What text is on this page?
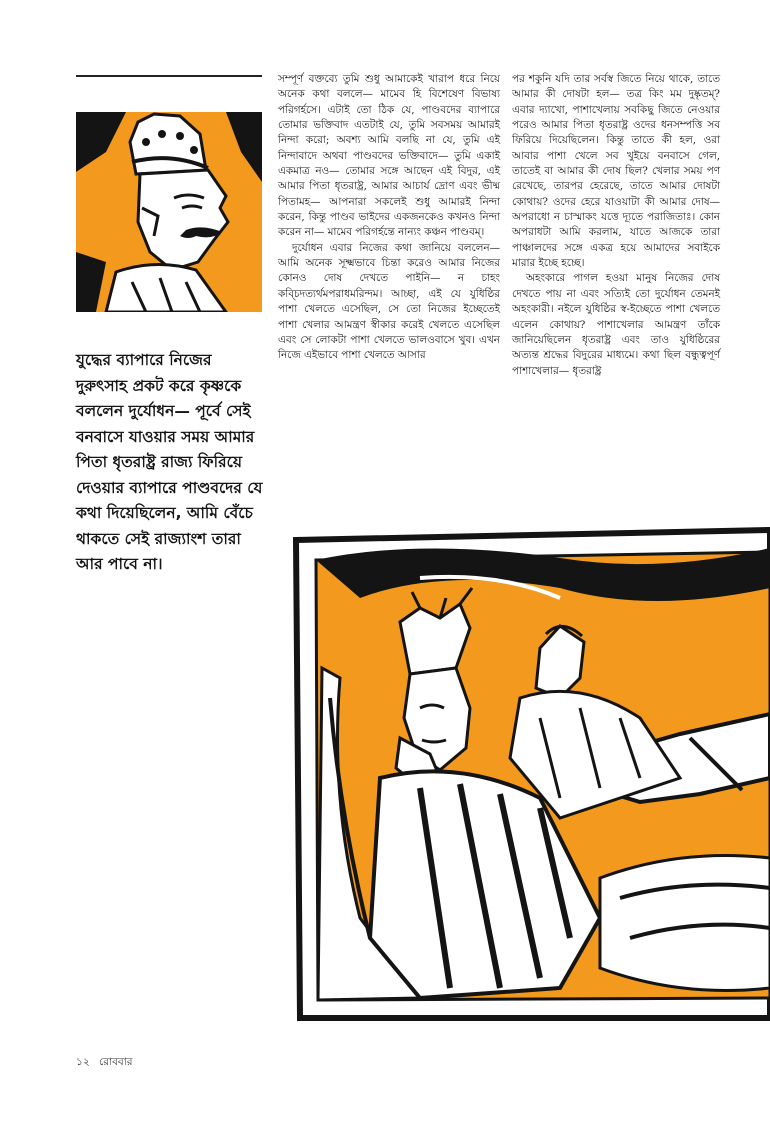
যুদ্ধের ব্যাপারে নিজের দুরুৎসাহ প্রকট করে কৃষ্ণকে বললেন দুর্যোধন— পূর্বে সেই বনবাসে যাওয়ার সময় আমার পিতা ধৃতরাষ্ট্র রাজ্য ফিরিয়ে দেওয়ার ব্যাপারে পাণ্ডবদের যে কথা দিয়েছিলেন, আমি বেঁচে থাকতে সেই রাজ্যাংশ তারা আর পাবে না।

সম্পূর্ণ বক্তব্যে তুমি শুধু আমাকেই খারাপ ধরে নিয়ে অনেক কথা বললে— মামেব হি বিশেষেণ বিভাষ্য পরিগর্হসে। এটাই তো ঠিক যে, পাণ্ডবদের ব্যাপারে তোমার ভক্তিবাদ এতটাই যে, তুমি সবসময় আমারই নিন্দা করো; অবশ্য আমি বলছি না যে, তুমি এই নিন্দাবাদে অথবা পাণ্ডবদের ভক্তিবাদে— তুমি একাই একমাত্র নও— তোমার সঙ্গে আছেন এই বিদুর, এই আমার পিতা ধৃতরাষ্ট্র, আমার আচার্য দ্রোণ এবং ভীষ্ম পিতামহ— আপনারা সকলেই শুধু আমারই নিন্দা করেন, কিন্তু পাণ্ডব ভাইদের একজনকেও কখনও নিন্দা করেন না— মামেব পরিগর্হন্তে নান্যং কঞ্চন পাণ্ডবম্।

দুর্যোধন এবার নিজের কথা জানিয়ে বললেন— আমি অনেক সূক্ষ্মভাবে চিন্তা করেও আমার নিজের কোনও দোষ দেখতে পাইনি— ন চাহং কব্চিদত্যর্থমপরাধমরিন্দম। আচ্ছা, এই যে যুধিষ্ঠির পাশা খেলতে এসেছিল, সে তো নিজের ইচ্ছেতেই পাশা খেলার আমন্ত্রণ স্বীকার করেই খেলতে এসেছিল এবং সে লোকটা পাশা খেলতে ভালওবাসে খুব। এখন নিজে এইভাবে পাশা খেলতে আসার

পর শকুনি যদি তার সর্বস্ব জিতে নিয়ে থাকে, তাতে আমার কী দোষটা হল— তত্র কিং মম দুষ্কৃতম্? এবার দ্যাখো, পাশাখেলায় সবকিছু জিতে নেওয়ার পরেও আমার পিতা ধৃতরাষ্ট্র ওদের ধনসম্পত্তি সব ফিরিয়ে দিয়েছিলেন। কিন্তু তাতে কী হল, ওরা আবার পাশা খেলে সব খুইয়ে বনবাসে গেল, তাতেই বা আমার কী দোষ ছিল? খেলার সময় পণ রেখেছে, তারপর হেরেছে, তাতে আমার দোষটা কোথায়? ওদের হেরে যাওয়াটা কী আমার দোষ— অপরাধো ন চাস্মাকং যত্তে দ্যূতে পরাজিতাঃ। কোন অপরাধটা আমি করলাম, যাতে আজকে তারা পাঞ্চালদের সঙ্গে একত্র হয়ে আমাদের সবাইকে মারার ইচ্ছে হচ্ছে।

অহংকারে পাগল হওয়া মানুষ নিজের দোষ দেখতে পায় না এবং সত্যিই তো দুর্যোধন তেমনই অহংকারী। নইলে যুধিষ্ঠির স্ব-ইচ্ছেতে পাশা খেলতে এলেন কোথায়? পাশাখেলার আমন্ত্রণ তাঁকে জানিয়েছিলেন ধৃতরাষ্ট্র এবং তাও যুধিষ্ঠিরের অত্যন্ত শ্রদ্ধের বিদুরের মাধ্যমে। কথা ছিল বন্ধুত্বপূর্ণ পাশাখেলার— ধৃতরাষ্ট্র

১২ রোববার
